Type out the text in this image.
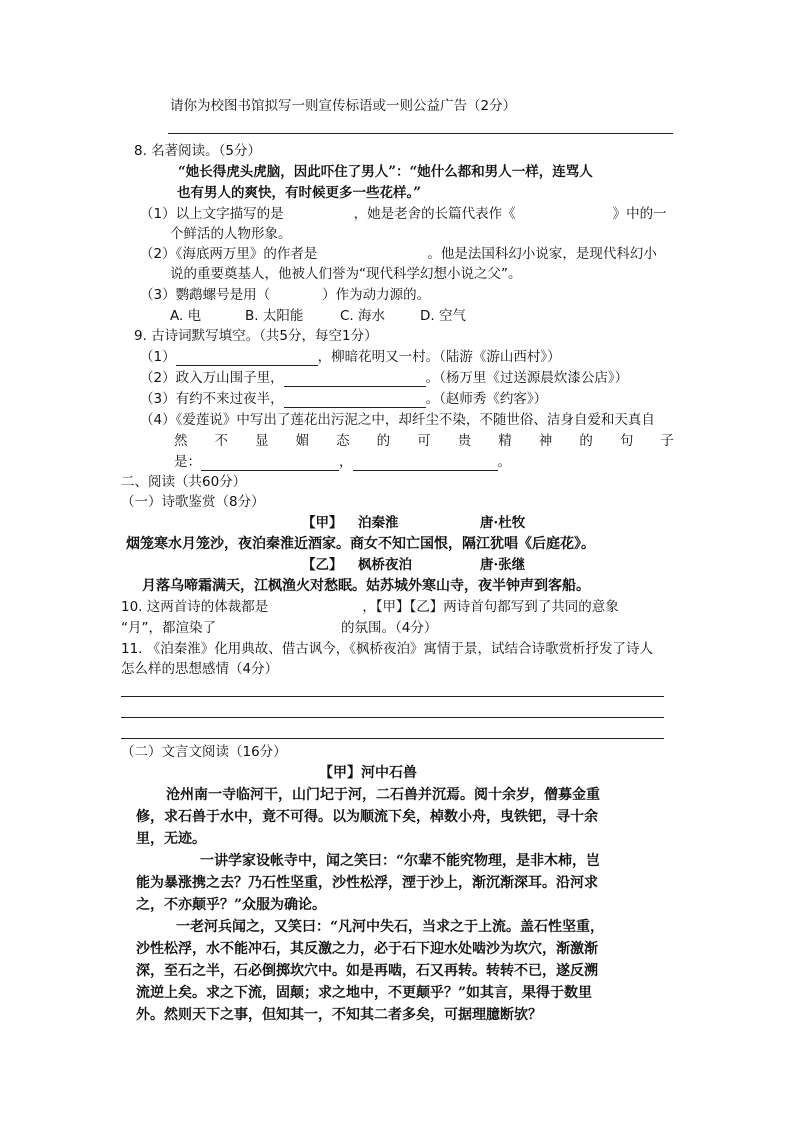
请你为校图书馆拟写一则宣传标语或一则公益广告（2分）
8. 名著阅读。（5分）
“她长得虎头虎脑，因此吓住了男人”：“她什么都和男人一样，连骂人
也有男人的爽快，有时候更多一些花样。”
（1）以上文字描写的是	，她是老舍的长篇代表作《	》中的一
个鲜活的人物形象。
（2）《海底两万里》的作者是	。他是法国科幻小说家，是现代科幻小
说的重要奠基人，他被人们誉为“现代科学幻想小说之父”。
（3）鹦鹉螺号是用（	）作为动力源的。
A. 电	B. 太阳能	C. 海水	D. 空气
9. 古诗词默写填空。（共5分，每空1分）
（1）	，柳暗花明又一村。（陆游《游山西村》）
（2）政入万山围子里，	。（杨万里《过送源晨炊漆公店》）
（3）有约不来过夜半，	。（赵师秀《约客》）
（4）《爱莲说》中写出了莲花出污泥之中，却纤尘不染，不随世俗、洁身自爱和天真自
然 不 显 媚 态 的 可 贵 精 神 的 句 子
是：	，	。
二、阅读（共60分）
（一）诗歌鉴赏（8分）
【甲】 泊秦淮	唐·杜牧
烟笼寒水月笼沙，夜泊秦淮近酒家。商女不知亡国恨，隔江犹唱《后庭花》。
【乙】 枫桥夜泊	唐·张继
月落乌啼霜满天，江枫渔火对愁眠。姑苏城外寒山寺，夜半钟声到客船。
10. 这两首诗的体裁都是	，【甲】【乙】两诗首句都写到了共同的意象
“月”，都渲染了	的氛围。（4分）
11. 《泊秦淮》化用典故、借古讽今，《枫桥夜泊》寓情于景，试结合诗歌赏析抒发了诗人
怎么样的思想感情（4分）
（二）文言文阅读（16分）
【甲】河中石兽
沧州南一寺临河干，山门圮于河，二石兽并沉焉。阅十余岁，僧募金重
修，求石兽于水中，竟不可得。以为顺流下矣，棹数小舟，曳铁钯，寻十余
里，无迹。
一讲学家设帐寺中，闻之笑曰：“尔辈不能究物理，是非木柿，岂
能为暴涨携之去？乃石性坚重，沙性松浮，湮于沙上，渐沉渐深耳。沿河求
之，不亦颠乎？”众服为确论。
一老河兵闻之，又笑曰：“凡河中失石，当求之于上流。盖石性坚重，
沙性松浮，水不能冲石，其反激之力，必于石下迎水处啮沙为坎穴，渐激渐
深，至石之半，石必倒掷坎穴中。如是再啮，石又再转。转转不已，遂反溯
流逆上矣。求之下流，固颠；求之地中，不更颠乎？”如其言，果得于数里
外。然则天下之事，但知其一，不知其二者多矣，可据理臆断欤？
